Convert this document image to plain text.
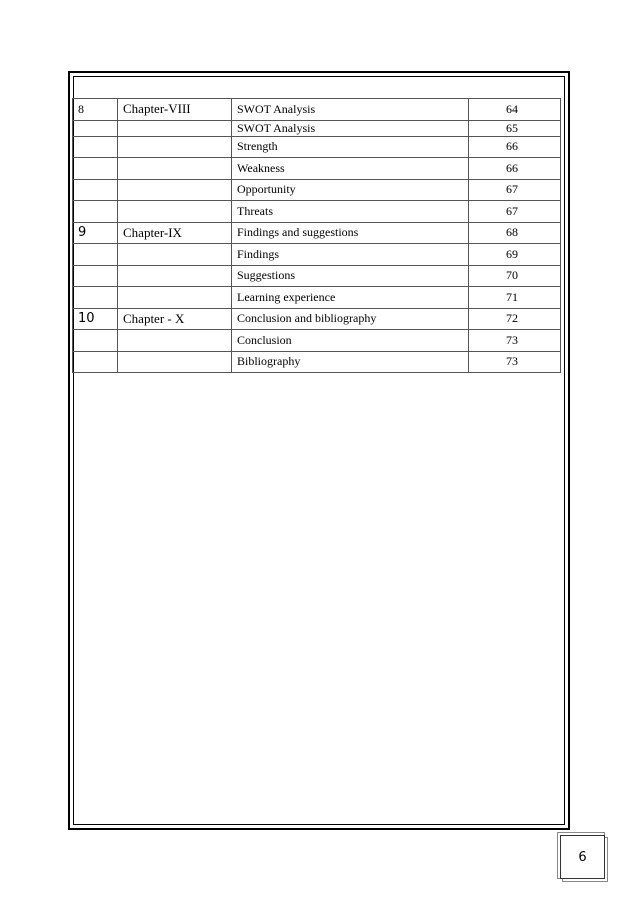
8	Chapter-VIII	SWOT Analysis	64
		SWOT Analysis	65
		Strength	66
		Weakness	66
		Opportunity	67
		Threats	67
9	Chapter-IX	Findings and suggestions	68
		Findings	69
		Suggestions	70
		Learning experience	71
10	Chapter - X	Conclusion and bibliography	72
		Conclusion	73
		Bibliography	73
6
